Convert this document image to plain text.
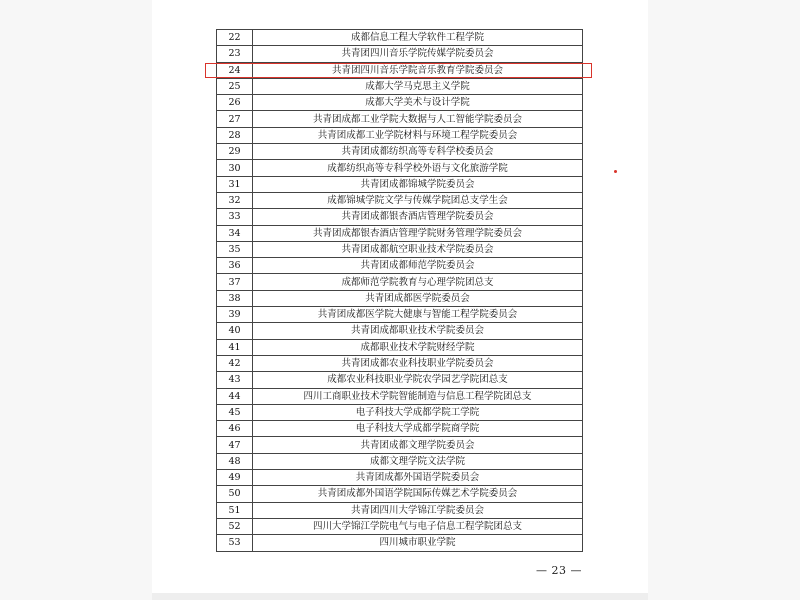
22	成都信息工程大学软件工程学院
23	共青团四川音乐学院传媒学院委员会
24	共青团四川音乐学院音乐教育学院委员会
25	成都大学马克思主义学院
26	成都大学美术与设计学院
27	共青团成都工业学院大数据与人工智能学院委员会
28	共青团成都工业学院材料与环境工程学院委员会
29	共青团成都纺织高等专科学校委员会
30	成都纺织高等专科学校外语与文化旅游学院
31	共青团成都锦城学院委员会
32	成都锦城学院文学与传媒学院团总支学生会
33	共青团成都银杏酒店管理学院委员会
34	共青团成都银杏酒店管理学院财务管理学院委员会
35	共青团成都航空职业技术学院委员会
36	共青团成都师范学院委员会
37	成都师范学院教育与心理学院团总支
38	共青团成都医学院委员会
39	共青团成都医学院大健康与智能工程学院委员会
40	共青团成都职业技术学院委员会
41	成都职业技术学院财经学院
42	共青团成都农业科技职业学院委员会
43	成都农业科技职业学院农学园艺学院团总支
44	四川工商职业技术学院智能制造与信息工程学院团总支
45	电子科技大学成都学院工学院
46	电子科技大学成都学院商学院
47	共青团成都文理学院委员会
48	成都文理学院文法学院
49	共青团成都外国语学院委员会
50	共青团成都外国语学院国际传媒艺术学院委员会
51	共青团四川大学锦江学院委员会
52	四川大学锦江学院电气与电子信息工程学院团总支
53	四川城市职业学院
— 23 —
